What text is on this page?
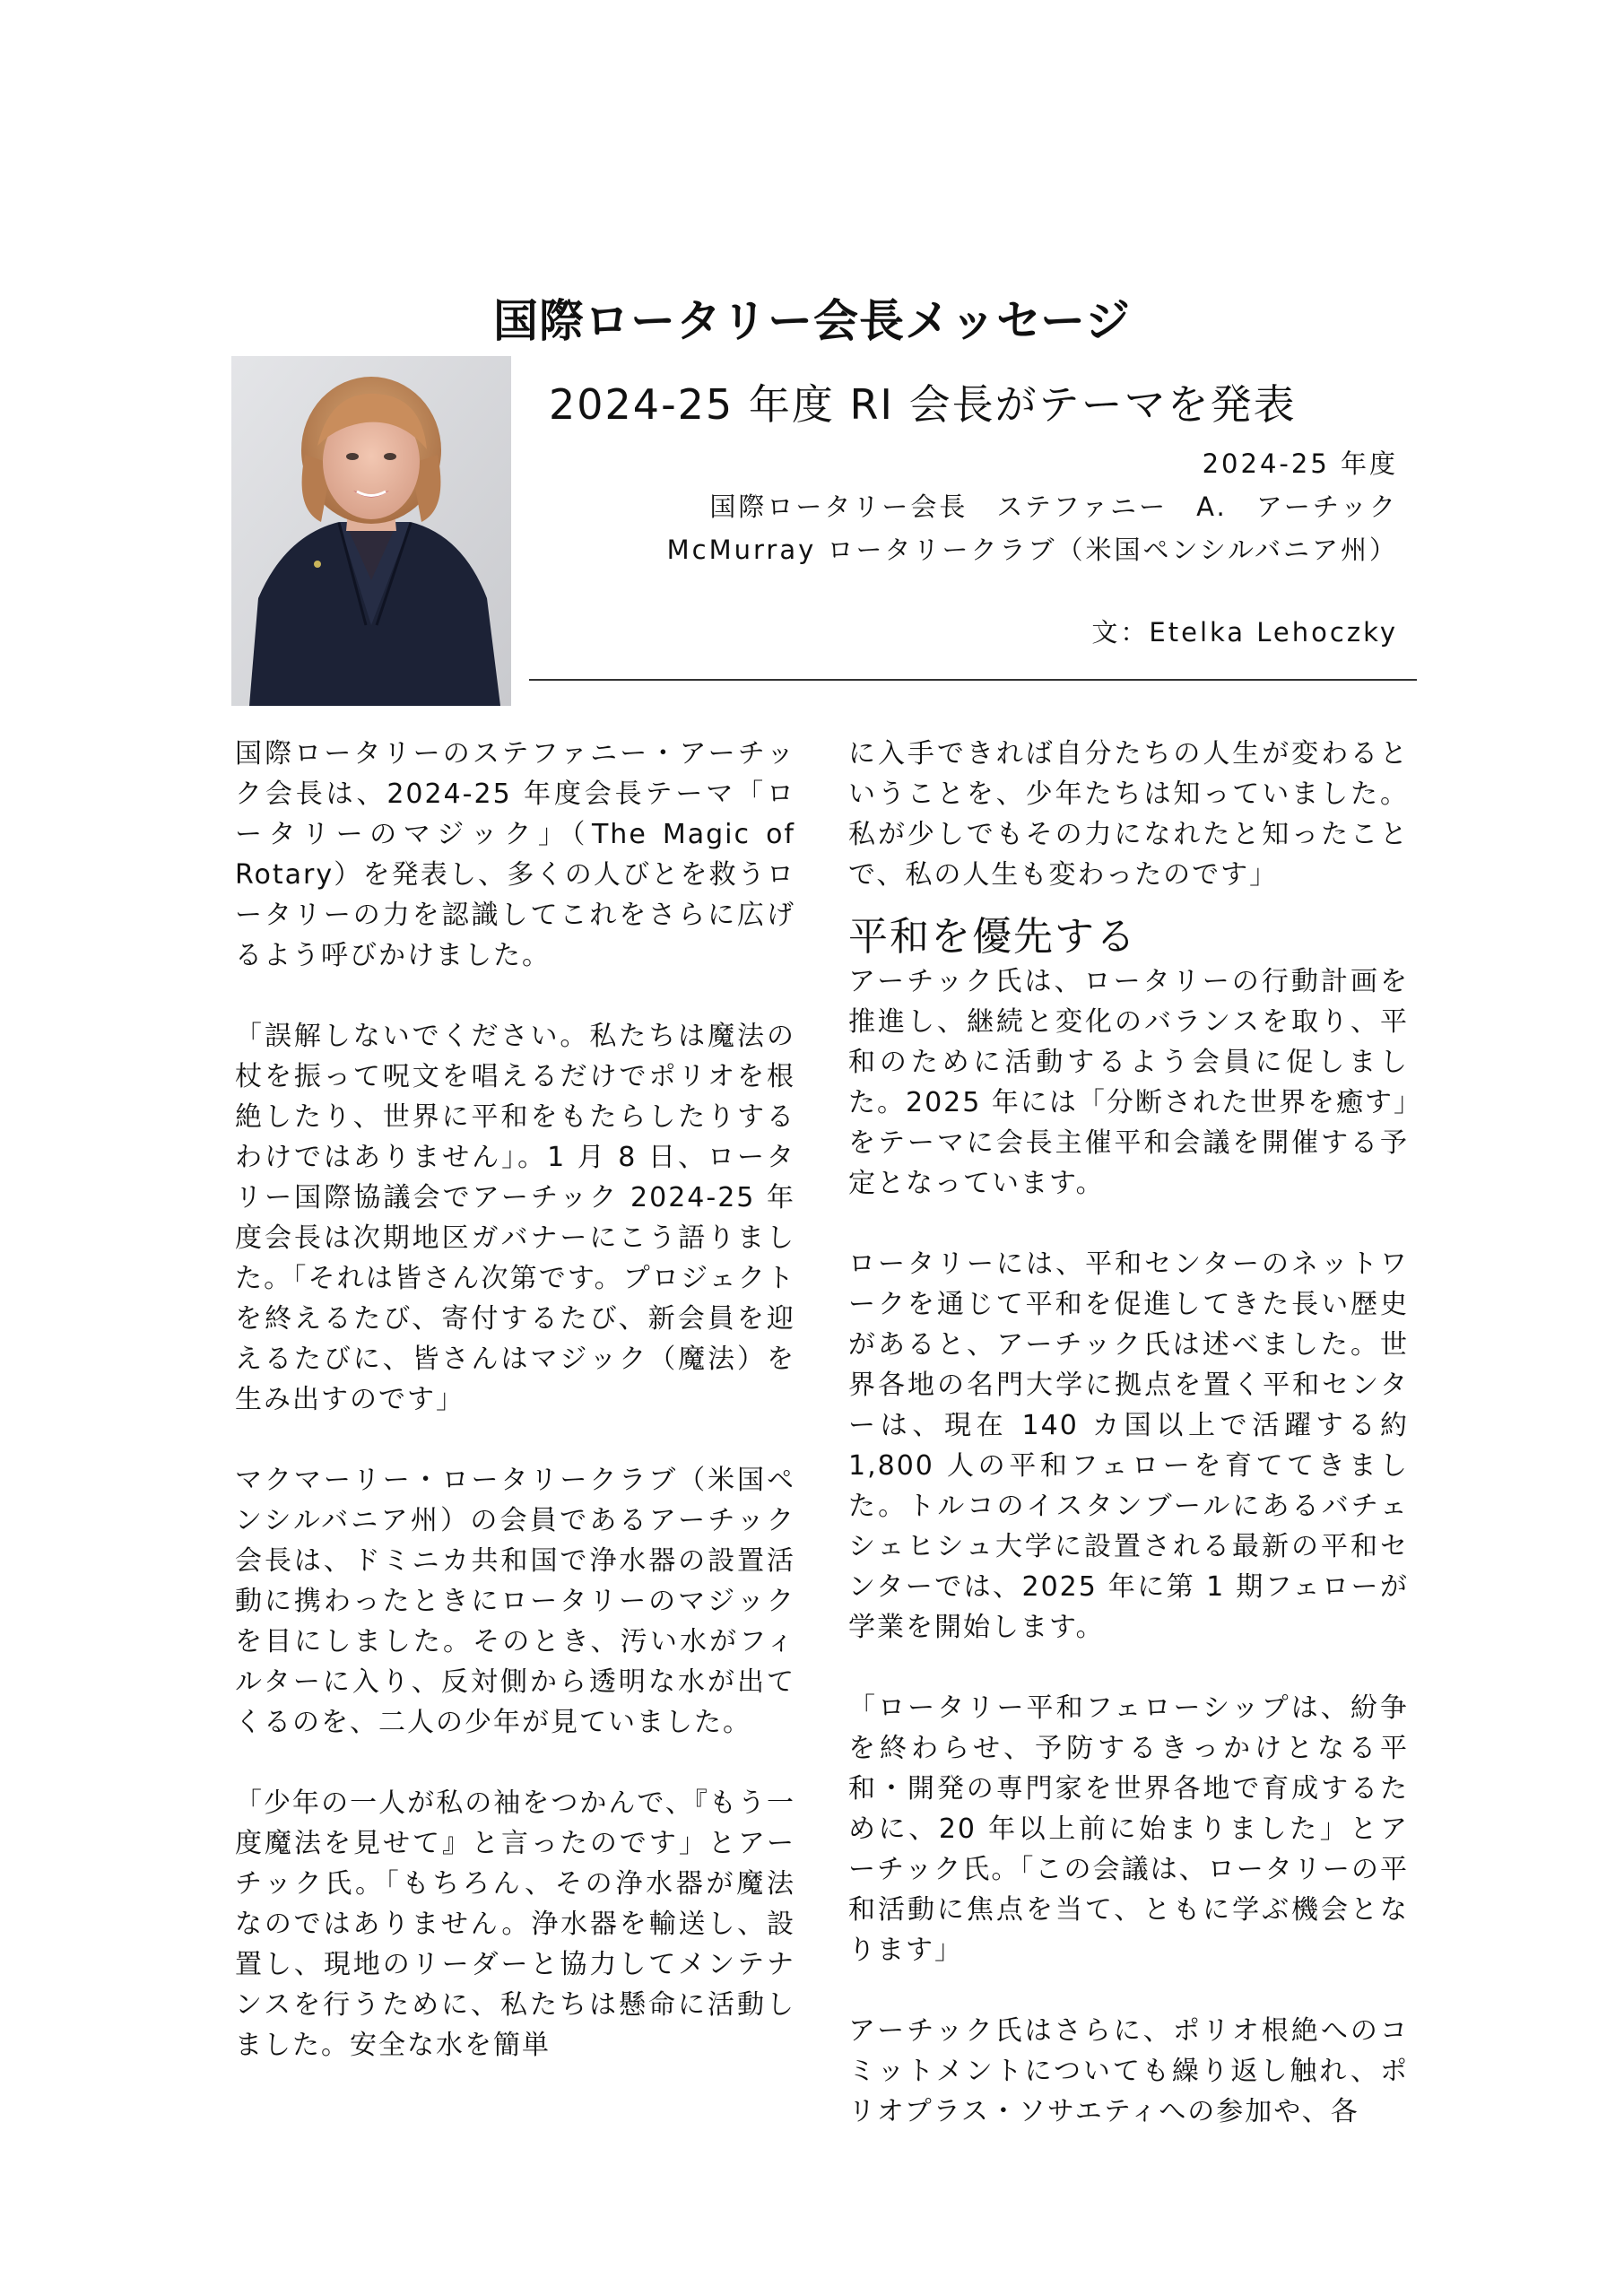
国際ロータリー会長メッセージ
2024-25 年度 RI 会長がテーマを発表
2024-25 年度
国際ロータリー会長　ステファニー　A.　アーチック
McMurray ロータリークラブ（米国ペンシルバニア州）
文：Etelka Lehoczky

国際ロータリーのステファニー・アーチック会長は、2024-25 年度会長テーマ「ロータリーのマジック」（The Magic of Rotary）を発表し、多くの人びとを救うロータリーの力を認識してこれをさらに広げるよう呼びかけました。

「誤解しないでください。私たちは魔法の杖を振って呪文を唱えるだけでポリオを根絶したり、世界に平和をもたらしたりするわけではありません」。1 月 8 日、ロータリー国際協議会でアーチック 2024-25 年度会長は次期地区ガバナーにこう語りました。「それは皆さん次第です。プロジェクトを終えるたび、寄付するたび、新会員を迎えるたびに、皆さんはマジック（魔法）を生み出すのです」

マクマーリー・ロータリークラブ（米国ペンシルバニア州）の会員であるアーチック会長は、ドミニカ共和国で浄水器の設置活動に携わったときにロータリーのマジックを目にしました。そのとき、汚い水がフィルターに入り、反対側から透明な水が出てくるのを、二人の少年が見ていました。

「少年の一人が私の袖をつかんで、『もう一度魔法を見せて』と言ったのです」とアーチック氏。「もちろん、その浄水器が魔法なのではありません。浄水器を輸送し、設置し、現地のリーダーと協力してメンテナンスを行うために、私たちは懸命に活動しました。安全な水を簡単

に入手できれば自分たちの人生が変わるということを、少年たちは知っていました。私が少しでもその力になれたと知ったことで、私の人生も変わったのです」

平和を優先する

アーチック氏は、ロータリーの行動計画を推進し、継続と変化のバランスを取り、平和のために活動するよう会員に促しました。2025 年には「分断された世界を癒す」をテーマに会長主催平和会議を開催する予定となっています。

ロータリーには、平和センターのネットワークを通じて平和を促進してきた長い歴史があると、アーチック氏は述べました。世界各地の名門大学に拠点を置く平和センターは、現在 140 カ国以上で活躍する約 1,800 人の平和フェローを育ててきました。トルコのイスタンブールにあるバチェシェヒシュ大学に設置される最新の平和センターでは、2025 年に第 1 期フェローが学業を開始します。

「ロータリー平和フェローシップは、紛争を終わらせ、予防するきっかけとなる平和・開発の専門家を世界各地で育成するために、20 年以上前に始まりました」とアーチック氏。「この会議は、ロータリーの平和活動に焦点を当て、ともに学ぶ機会となります」

アーチック氏はさらに、ポリオ根絶へのコミットメントについても繰り返し触れ、ポリオプラス・ソサエティへの参加や、各
